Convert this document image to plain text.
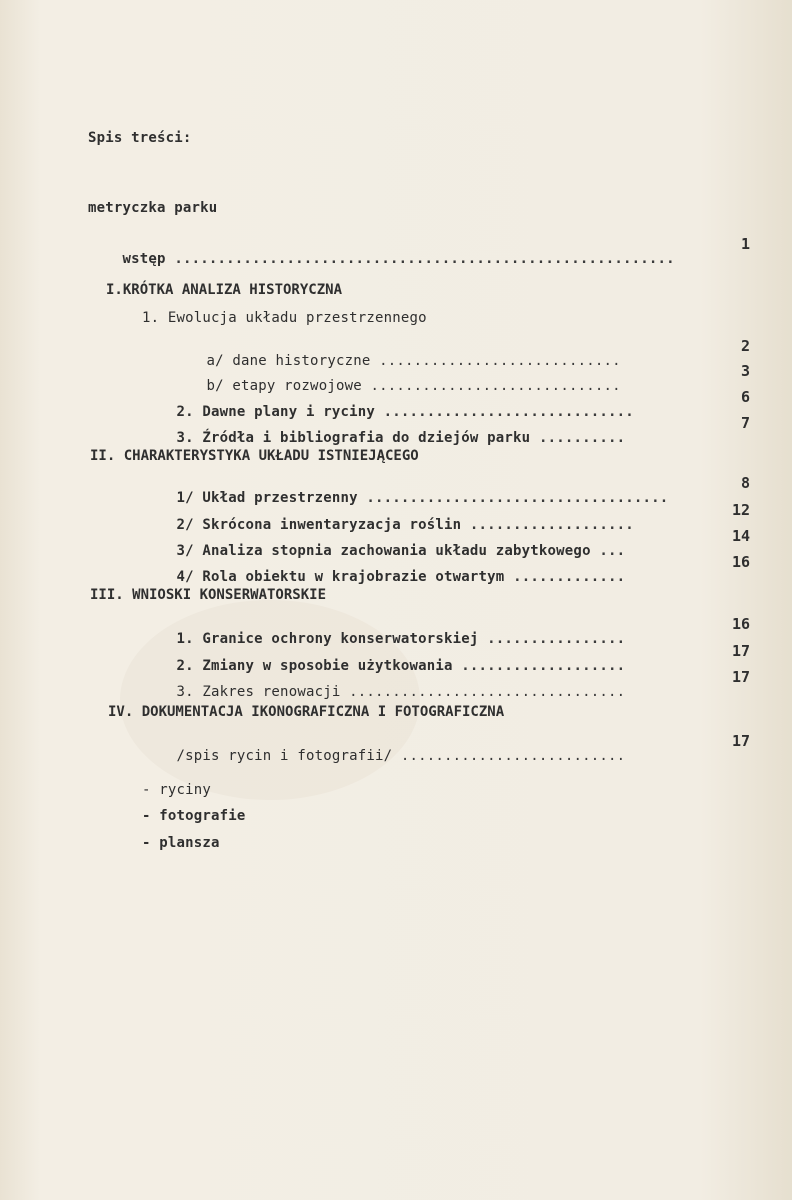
Spis treści:
metryczka parku

wstęp ..........................................................

1
I.KRÓTKA ANALIZA HISTORYCZNA
1. Ewolucja układu przestrzennego

a/ dane historyczne ............................

2

b/ etapy rozwojowe .............................

3

2. Dawne plany i ryciny .............................

6

3. Źródła i bibliografia do dziejów parku ..........

7
II. CHARAKTERYSTYKA UKŁADU ISTNIEJĄCEGO

1/ Układ przestrzenny ...................................

8

2/ Skrócona inwentaryzacja roślin ...................

12

3/ Analiza stopnia zachowania układu zabytkowego ...

14

4/ Rola obiektu w krajobrazie otwartym .............

16
III. WNIOSKI KONSERWATORSKIE

1. Granice ochrony konserwatorskiej ................

16

2. Zmiany w sposobie użytkowania ...................

17

3. Zakres renowacji ................................

17
IV. DOKUMENTACJA IKONOGRAFICZNA I FOTOGRAFICZNA

/spis rycin i fotografii/ ..........................

17
- ryciny
- fotografie
- plansza
